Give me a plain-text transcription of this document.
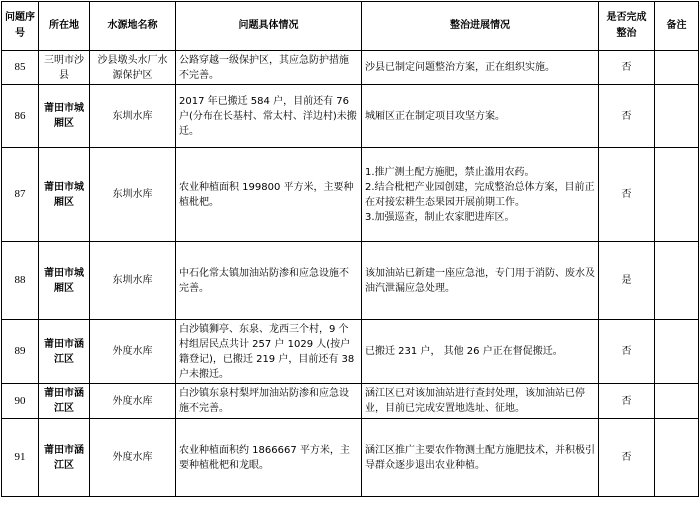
问题序号	所在地	水源地名称	问题具体情况	整治进展情况	是否完成整治	备注
85	三明市沙县	沙县墩头水厂水源保护区	公路穿越一级保护区，其应急防护措施不完善。	沙县已制定问题整治方案，正在组织实施。	否	
86	莆田市城厢区	东圳水库	2017 年已搬迁 584 户，目前还有 76 户(分布在长基村、常太村、洋边村)未搬迁。	城厢区正在制定项目攻坚方案。	否	
87	莆田市城厢区	东圳水库	农业种植面积 199800 平方米，主要种植枇杷。	1.推广测土配方施肥，禁止滥用农药。
2.结合枇杷产业园创建，完成整治总体方案，目前正在对接宏耕生态果园开展前期工作。
3.加强巡查，制止农家肥进库区。	否	
88	莆田市城厢区	东圳水库	中石化常太镇加油站防渗和应急设施不完善。	该加油站已新建一座应急池，专门用于消防、废水及油汽泄漏应急处理。	是	
89	莆田市涵江区	外度水库	白沙镇狮亭、东泉、龙西三个村，9 个村组居民点共计 257 户 1029 人(按户籍登记)，已搬迁 219 户，目前还有 38 户未搬迁。	已搬迁 231 户， 其他 26 户正在督促搬迁。	否	
90	莆田市涵江区	外度水库	白沙镇东泉村梨坪加油站防渗和应急设施不完善。	涵江区已对该加油站进行查封处理，该加油站已停业，目前已完成安置地选址、征地。	否	
91	莆田市涵江区	外度水库	农业种植面积约 1866667 平方米，主要种植枇杷和龙眼。	涵江区推广主要农作物测土配方施肥技术，并积极引导群众逐步退出农业种植。	否	
